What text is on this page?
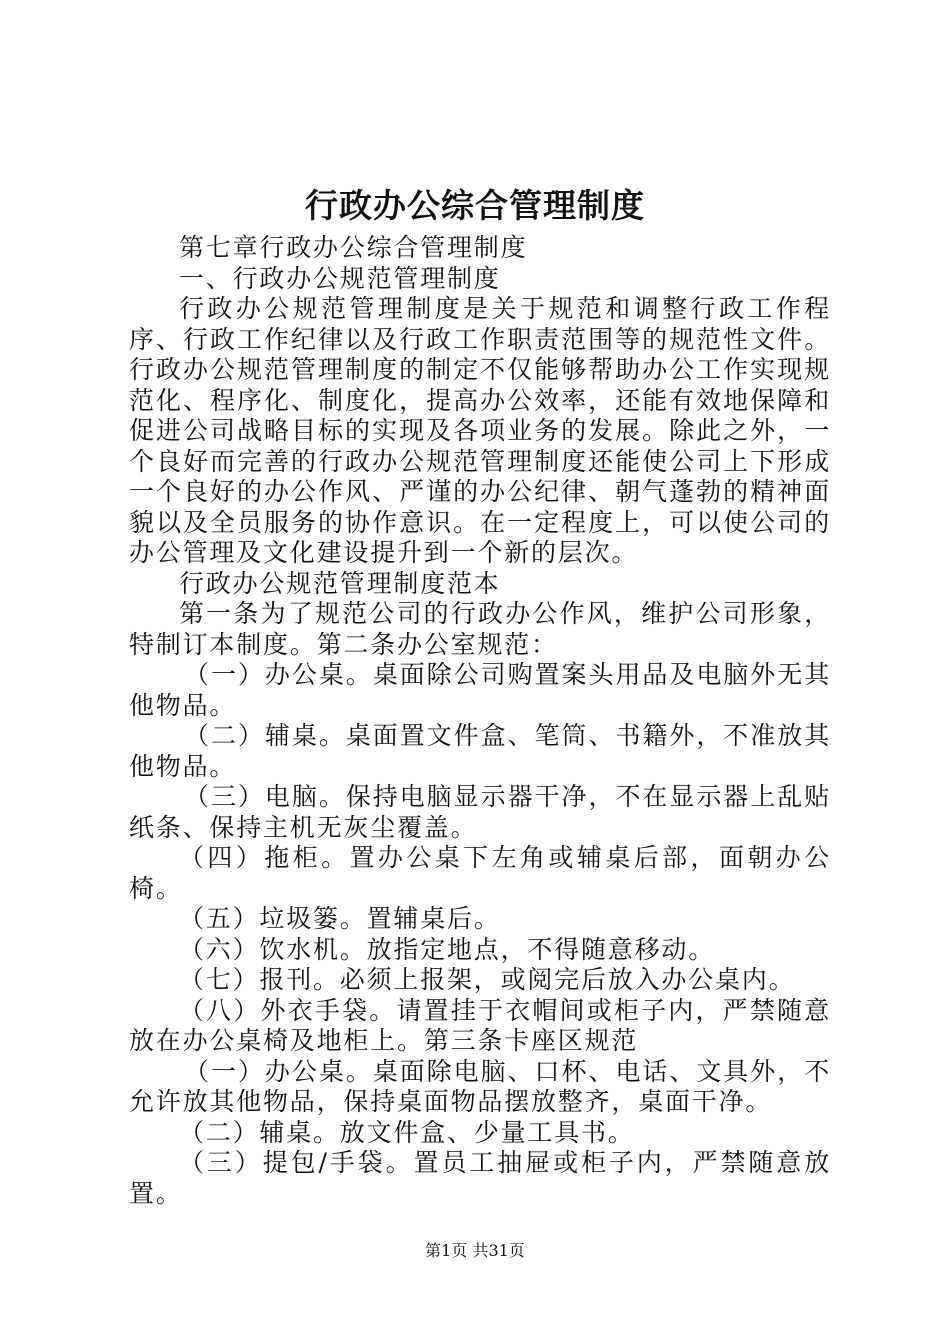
行政办公综合管理制度

第七章行政办公综合管理制度

一、行政办公规范管理制度

行政办公规范管理制度是关于规范和调整行政工作程序、行政工作纪律以及行政工作职责范围等的规范性文件。行政办公规范管理制度的制定不仅能够帮助办公工作实现规范化、程序化、制度化，提高办公效率，还能有效地保障和促进公司战略目标的实现及各项业务的发展。除此之外，一个良好而完善的行政办公规范管理制度还能使公司上下形成一个良好的办公作风、严谨的办公纪律、朝气蓬勃的精神面貌以及全员服务的协作意识。在一定程度上，可以使公司的办公管理及文化建设提升到一个新的层次。

行政办公规范管理制度范本

第一条为了规范公司的行政办公作风，维护公司形象，特制订本制度。第二条办公室规范：

（一）办公桌。桌面除公司购置案头用品及电脑外无其他物品。

（二）辅桌。桌面置文件盒、笔筒、书籍外，不准放其他物品。

（三）电脑。保持电脑显示器干净，不在显示器上乱贴纸条、保持主机无灰尘覆盖。

（四）拖柜。置办公桌下左角或辅桌后部，面朝办公椅。

（五）垃圾篓。置辅桌后。

（六）饮水机。放指定地点，不得随意移动。

（七）报刊。必须上报架，或阅完后放入办公桌内。

（八）外衣手袋。请置挂于衣帽间或柜子内，严禁随意放在办公桌椅及地柜上。第三条卡座区规范

（一）办公桌。桌面除电脑、口杯、电话、文具外，不允许放其他物品，保持桌面物品摆放整齐，桌面干净。

（二）辅桌。放文件盒、少量工具书。

（三）提包/手袋。置员工抽屉或柜子内，严禁随意放置。

第1页 共31页
